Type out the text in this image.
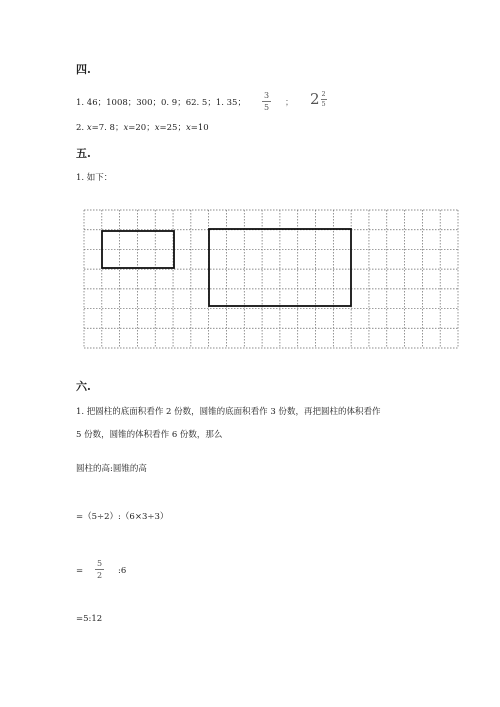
四.
1. 46；1008；300；0. 9；62. 5；1. 35；
3
5 ； 2 2
5
2. x=7. 8；x=20；x=25；x=10
五.
1. 如下：
六.
1. 把圆柱的底面积看作 2 份数，圆锥的底面积看作 3 份数，再把圆柱的体积看作
5 份数，圆锥的体积看作 6 份数，那么
圆柱的高:圆锥的高
=（5÷2）:（6×3÷3）
=
5
2 :6
=5:12
